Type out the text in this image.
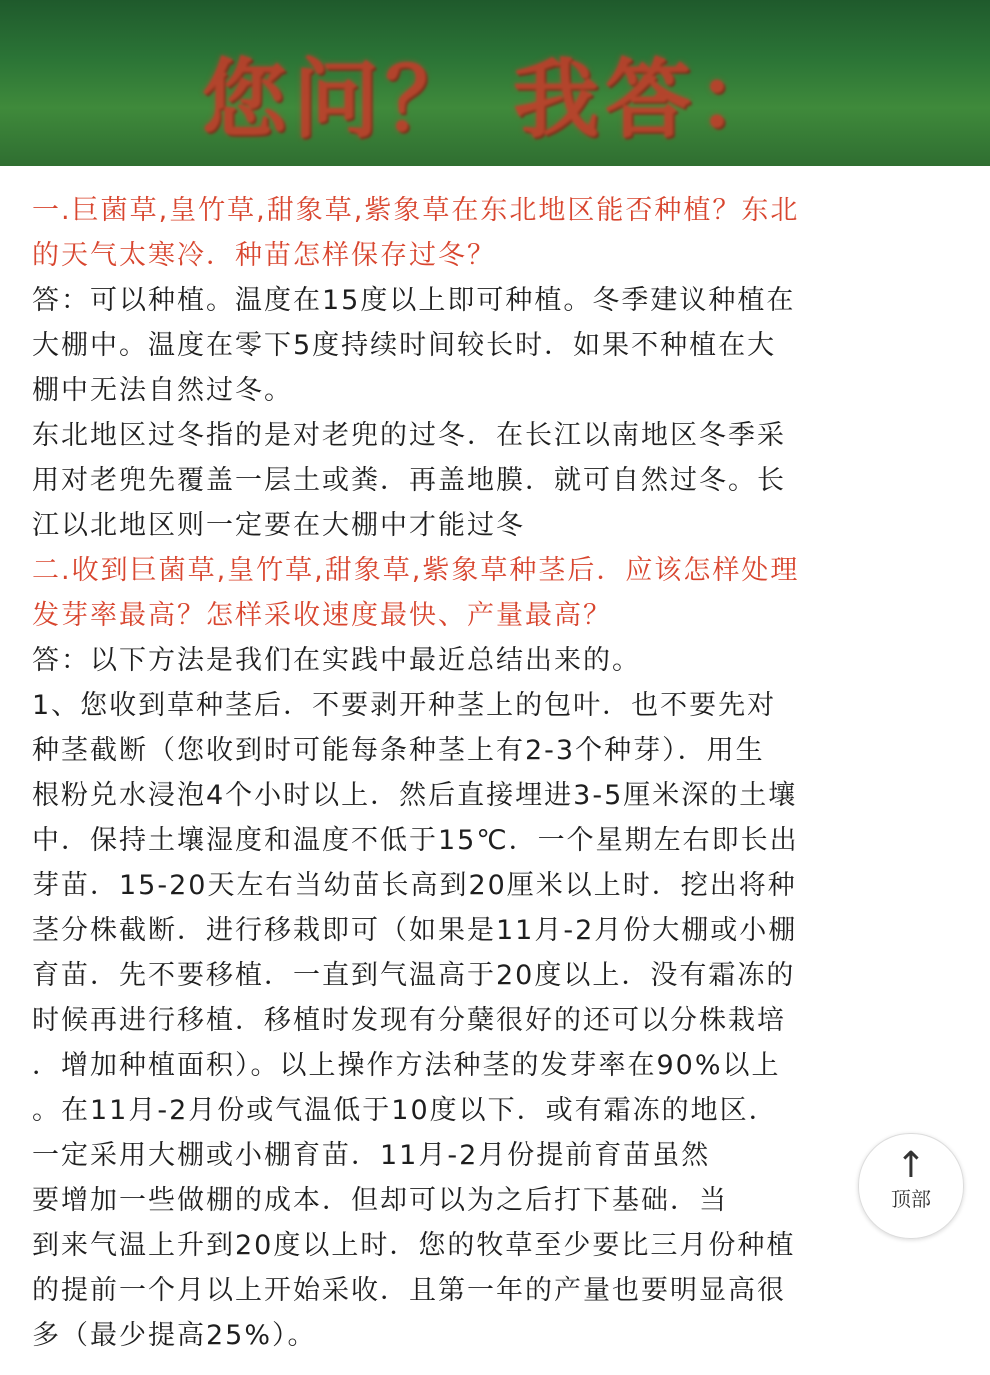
您问？ 我答：
一.巨菌草,皇竹草,甜象草,紫象草在东北地区能否种植？东北
的天气太寒冷．种苗怎样保存过冬？
答：可以种植。温度在15度以上即可种植。冬季建议种植在
大棚中。温度在零下5度持续时间较长时．如果不种植在大
棚中无法自然过冬。
东北地区过冬指的是对老兜的过冬．在长江以南地区冬季采
用对老兜先覆盖一层土或粪．再盖地膜．就可自然过冬。长
江以北地区则一定要在大棚中才能过冬
二.收到巨菌草,皇竹草,甜象草,紫象草种茎后．应该怎样处理
发芽率最高？怎样采收速度最快、产量最高？
答：以下方法是我们在实践中最近总结出来的。
1、您收到草种茎后．不要剥开种茎上的包叶．也不要先对
种茎截断（您收到时可能每条种茎上有2-3个种芽）．用生
根粉兑水浸泡4个小时以上．然后直接埋进3-5厘米深的土壤
中．保持土壤湿度和温度不低于15℃．一个星期左右即长出
芽苗．15-20天左右当幼苗长高到20厘米以上时．挖出将种
茎分株截断．进行移栽即可（如果是11月-2月份大棚或小棚
育苗．先不要移植．一直到气温高于20度以上．没有霜冻的
时候再进行移植．移植时发现有分蘖很好的还可以分株栽培
．增加种植面积）。以上操作方法种茎的发芽率在90%以上
。在11月-2月份或气温低于10度以下．或有霜冻的地区．
一定采用大棚或小棚育苗．11月-2月份提前育苗虽然
要增加一些做棚的成本．但却可以为之后打下基础．当
到来气温上升到20度以上时．您的牧草至少要比三月份种植
的提前一个月以上开始采收．且第一年的产量也要明显高很
多（最少提高25%）。
↑
顶部
